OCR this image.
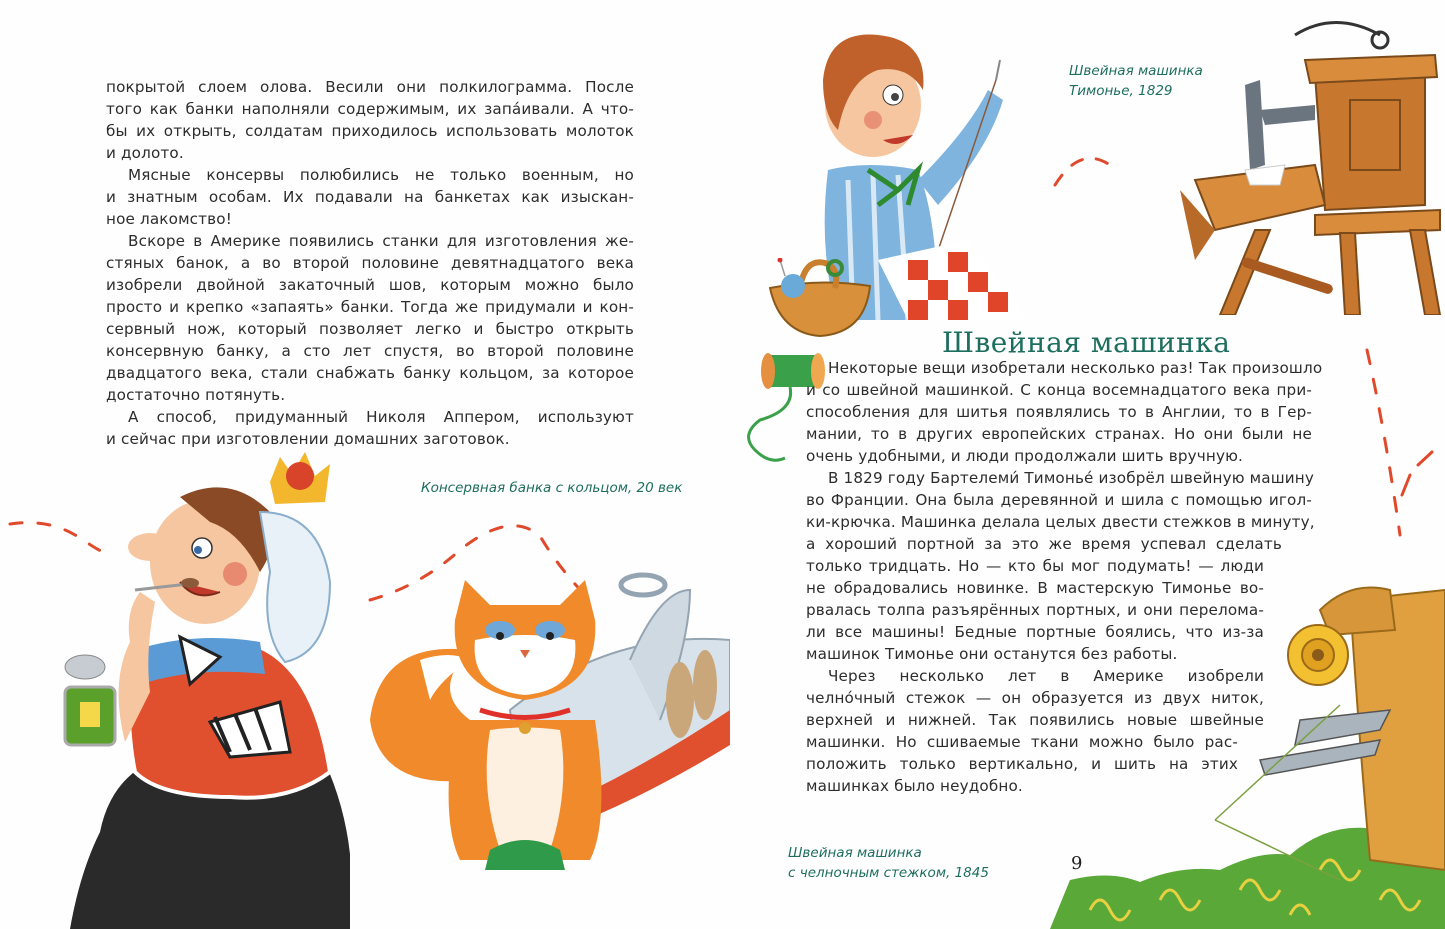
покрытой слоем олова. Весили они полкилограмма. После
того как банки наполняли содержимым, их запа́ивали. А что-
бы их открыть, солдатам приходилось использовать молоток
и долото.
Мясные консервы полюбились не только военным, но
и знатным особам. Их подавали на банкетах как изыскан-
ное лакомство!
Вскоре в Америке появились станки для изготовления же-
стяных банок, а во второй половине девятнадцатого века
изобрели двойной закаточный шов, которым можно было
просто и крепко «запаять» банки. Тогда же придумали и кон-
сервный нож, который позволяет легко и быстро открыть
консервную банку, а сто лет спустя, во второй половине
двадцатого века, стали снабжать банку кольцом, за которое
достаточно потянуть.
А способ, придуманный Николя Аппером, используют
и сейчас при изготовлении домашних заготовок.
Консервная банка с кольцом, 20 век
Швейная машинка
Тимонье, 1829
Швейная машинка
Некоторые вещи изобретали несколько раз! Так произошло
и со швейной машинкой. С конца восемнадцатого века при-
способления для шитья появлялись то в Англии, то в Гер-
мании, то в других европейских странах. Но они были не
очень удобными, и люди продолжали шить вручную.
В 1829 году Бартелеми́ Тимонье́ изобрёл швейную машину
во Франции. Она была деревянной и шила с помощью игол-
ки-крючка. Машинка делала целых двести стежков в минуту,
а хороший портной за это же время успевал сделать
только тридцать. Но — кто бы мог подумать! — люди
не обрадовались новинке. В мастерскую Тимонье во-
рвалась толпа разъярённых портных, и они перелома-
ли все машины! Бедные портные боялись, что из-за
машинок Тимонье они останутся без работы.
Через несколько лет в Америке изобрели
челно́чный стежок — он образуется из двух ниток,
верхней и нижней. Так появились новые швейные
машинки. Но сшиваемые ткани можно было рас-
положить только вертикально, и шить на этих
машинках было неудобно.
Швейная машинка
с челночным стежком, 1845	9
